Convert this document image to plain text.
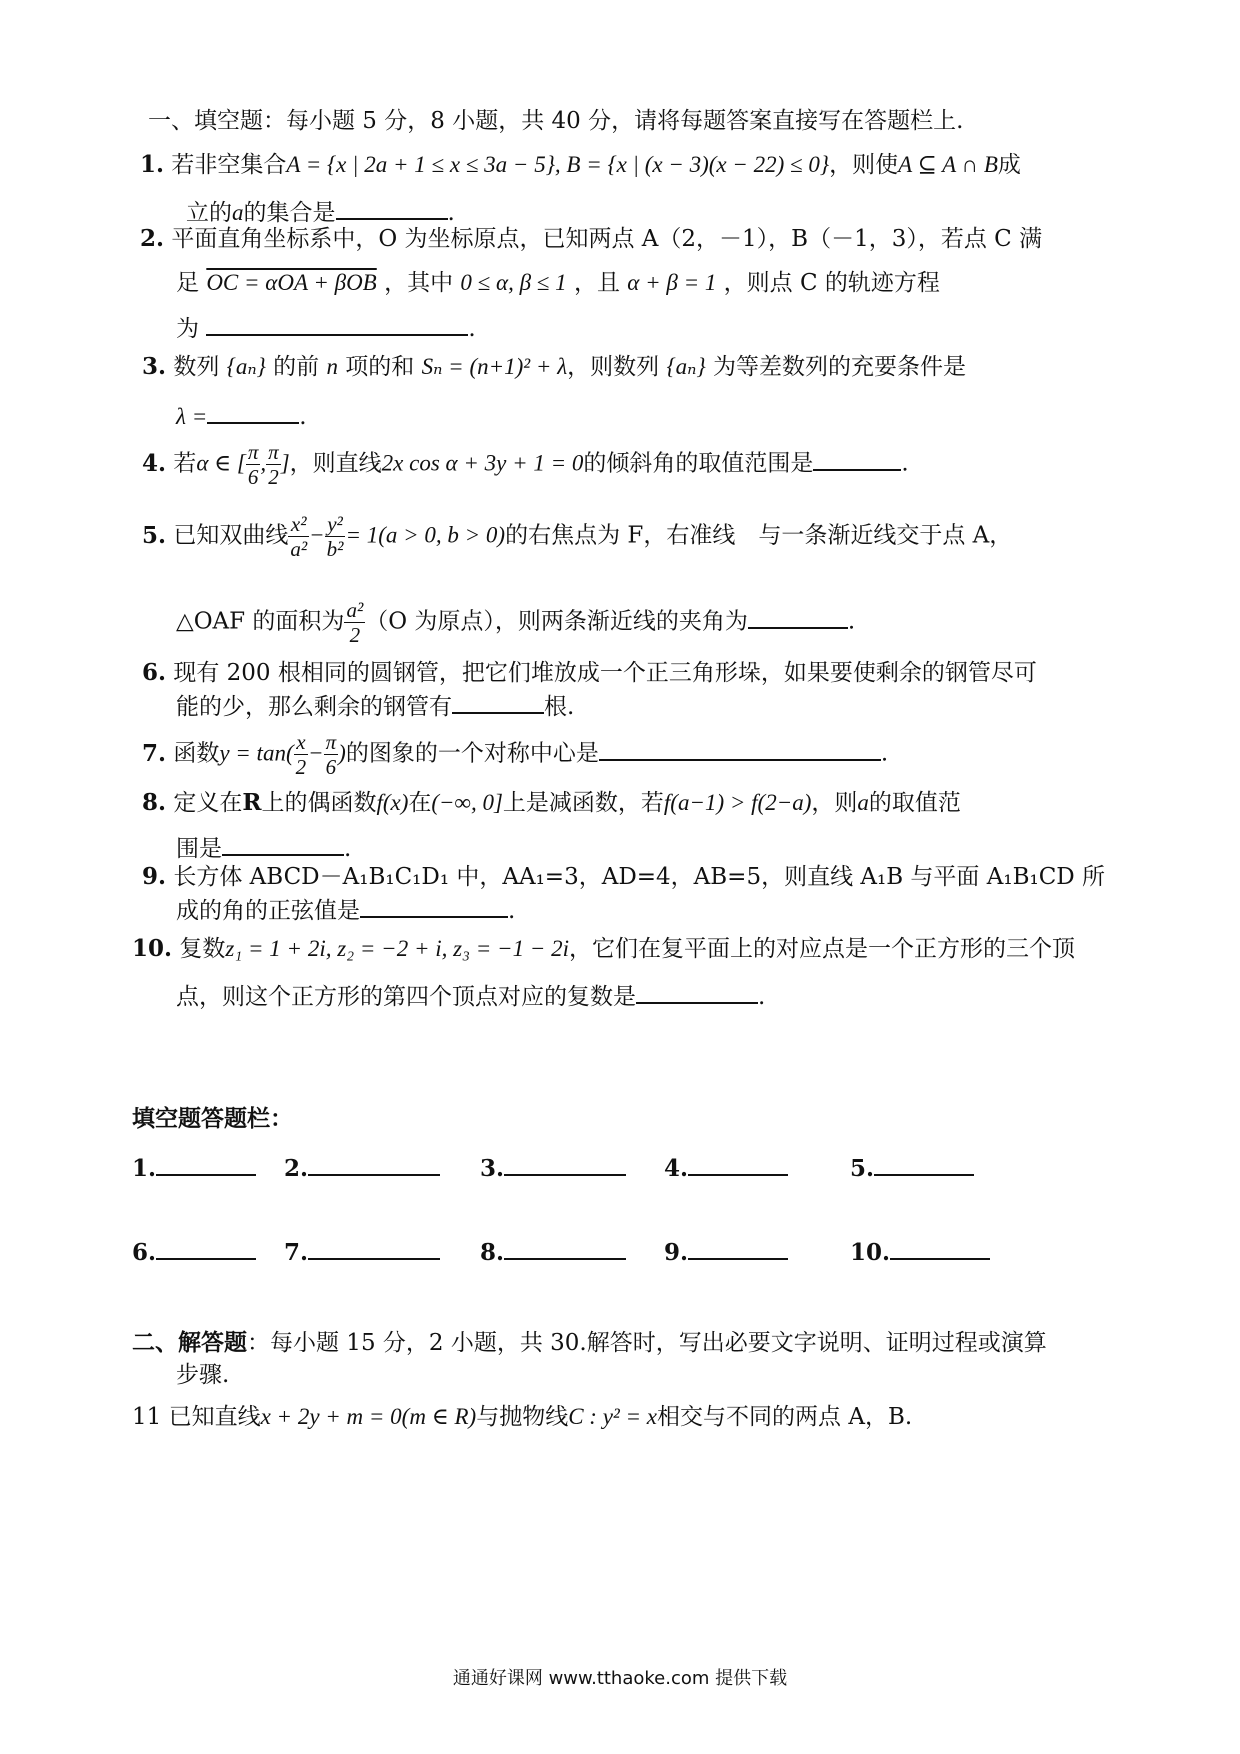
一、填空题：每小题 5 分，8 小题，共 40 分，请将每题答案直接写在答题栏上.
1. 若非空集合A = {x | 2a + 1 ≤ x ≤ 3a − 5}, B = {x | (x − 3)(x − 22) ≤ 0}，则使A ⊆ A ∩ B成
立的a的集合是	.
2. 平面直角坐标系中，O 为坐标原点，已知两点 A（2，－1），B（－1，3），若点 C 满
足 OC = αOA + βOB ，其中 0 ≤ α, β ≤ 1 ，且 α + β = 1 ，则点 C 的轨迹方程
为	.
3. 数列 {aₙ} 的前 n 项的和 Sₙ = (n+1)² + λ，则数列 {aₙ} 为等差数列的充要条件是
λ =	.
4. 若α ∈ [ $\frac{\pi}{6}$ , $\frac{\pi}{2}$ ]，则直线2x cos α + 3y + 1 = 0的倾斜角的取值范围是	.
5. 已知双曲线 $\frac{\text{x²}}{\text{a²}} - \frac{\text{y²}}{\text{b²}} = 1(a > 0$, b > 0)的右焦点为 F，右准线　与一条渐近线交于点 A，
△OAF 的面积为 $\frac{\text{a²}}{2} (O$ 为原点），则两条渐近线的夹角为	.
6. 现有 200 根相同的圆钢管，把它们堆放成一个正三角形垛，如果要使剩余的钢管尽可
能的少，那么剩余的钢管有	根.
7. 函数$y = \tan( \frac{x}{2} - \frac{\pi}{6}$ )的图象的一个对称中心是	.
8. 定义在R上的偶函数f(x)在(−∞, 0]上是减函数，若f(a−1) > f(2−a)，则a的取值范
围是	.
9. 长方体 ABCD－A₁B₁C₁D₁ 中，AA₁=3，AD=4，AB=5，则直线 A₁B 与平面 A₁B₁CD 所
成的角的正弦值是	.
10. 复数z₁ = 1 + 2i, z₂ = −2 + i, z₃ = −1 − 2i，它们在复平面上的对应点是一个正方形的三个顶
点，则这个正方形的第四个顶点对应的复数是	.
填空题答题栏：
1.	2.	3.	4.	5.
6.	7.	8.	9.	10.
二、解答题：每小题 15 分，2 小题，共 30.解答时，写出必要文字说明、证明过程或演算
步骤.
11 已知直线x + 2y + m = 0(m ∈ R)与抛物线C : y² = x相交与不同的两点 A，B.
通通好课网 www.tthaoke.com 提供下载
